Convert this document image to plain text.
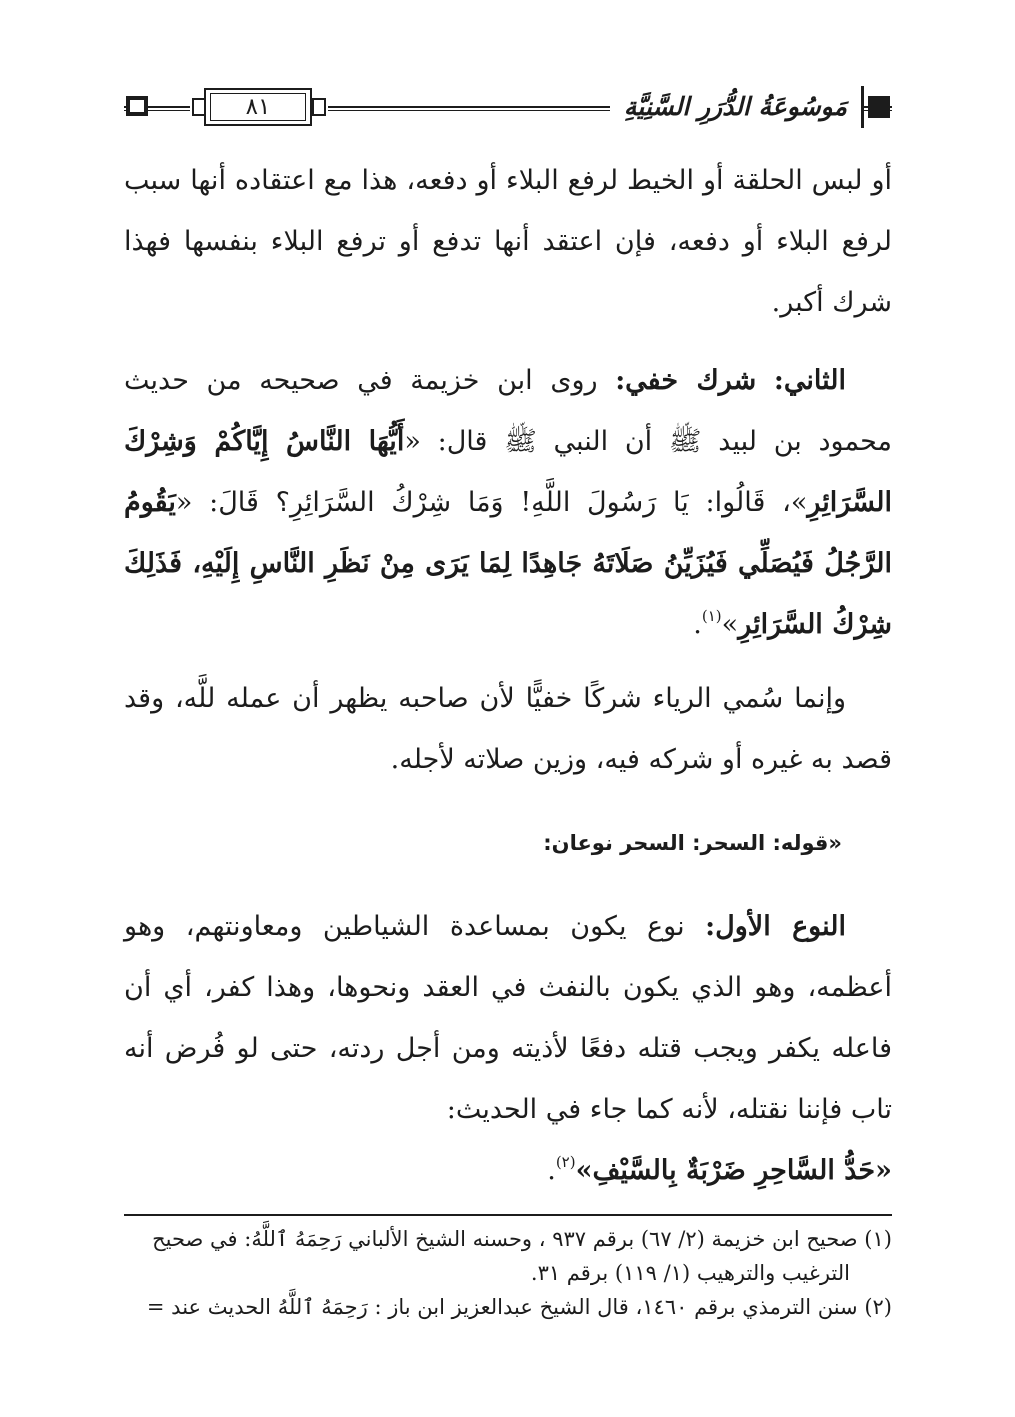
٨١	مَوسُوعَةُ الدُّرَرِ السَّنِيَّةِ

أو لبس الحلقة أو الخيط لرفع البلاء أو دفعه، هذا مع اعتقاده أنها سبب لرفع البلاء أو دفعه، فإن اعتقد أنها تدفع أو ترفع البلاء بنفسها فهذا شرك أكبر.

الثاني: شرك خفي: روى ابن خزيمة في صحيحه من حديث محمود بن لبيد ﷺ أن النبي ﷺ قال: «أَيُّهَا النَّاسُ إِيَّاكُمْ وَشِرْكَ السَّرَائِرِ»، قَالُوا: يَا رَسُولَ اللَّهِ! وَمَا شِرْكُ السَّرَائِرِ؟ قَالَ: «يَقُومُ الرَّجُلُ فَيُصَلِّي فَيُزَيِّنُ صَلَاتَهُ جَاهِدًا لِمَا يَرَى مِنْ نَظَرِ النَّاسِ إِلَيْهِ، فَذَلِكَ شِرْكُ السَّرَائِرِ»$^{(١)}$.

وإنما سُمي الرياء شركًا خفيًّا لأن صاحبه يظهر أن عمله للَّه، وقد قصد به غيره أو شركه فيه، وزين صلاته لأجله.

«قوله: السحر: السحر نوعان:

النوع الأول: نوع يكون بمساعدة الشياطين ومعاونتهم، وهو أعظمه، وهو الذي يكون بالنفث في العقد ونحوها، وهذا كفر، أي أن فاعله يكفر ويجب قتله دفعًا لأذيته ومن أجل ردته، حتى لو فُرض أنه تاب فإننا نقتله، لأنه كما جاء في الحديث:
«حَدُّ السَّاحِرِ ضَرْبَةٌ بِالسَّيْفِ»$^{(٢)}$.

(١) صحيح ابن خزيمة (٢/ ٦٧) برقم ٩٣٧ ، وحسنه الشيخ الألباني رَحِمَهُ ٱللَّهُ: في صحيح

الترغيب والترهيب (١/ ١١٩) برقم ٣١.

(٢) سنن الترمذي برقم ١٤٦٠، قال الشيخ عبدالعزيز ابن باز : رَحِمَهُ ٱللَّهُ الحديث عند =
